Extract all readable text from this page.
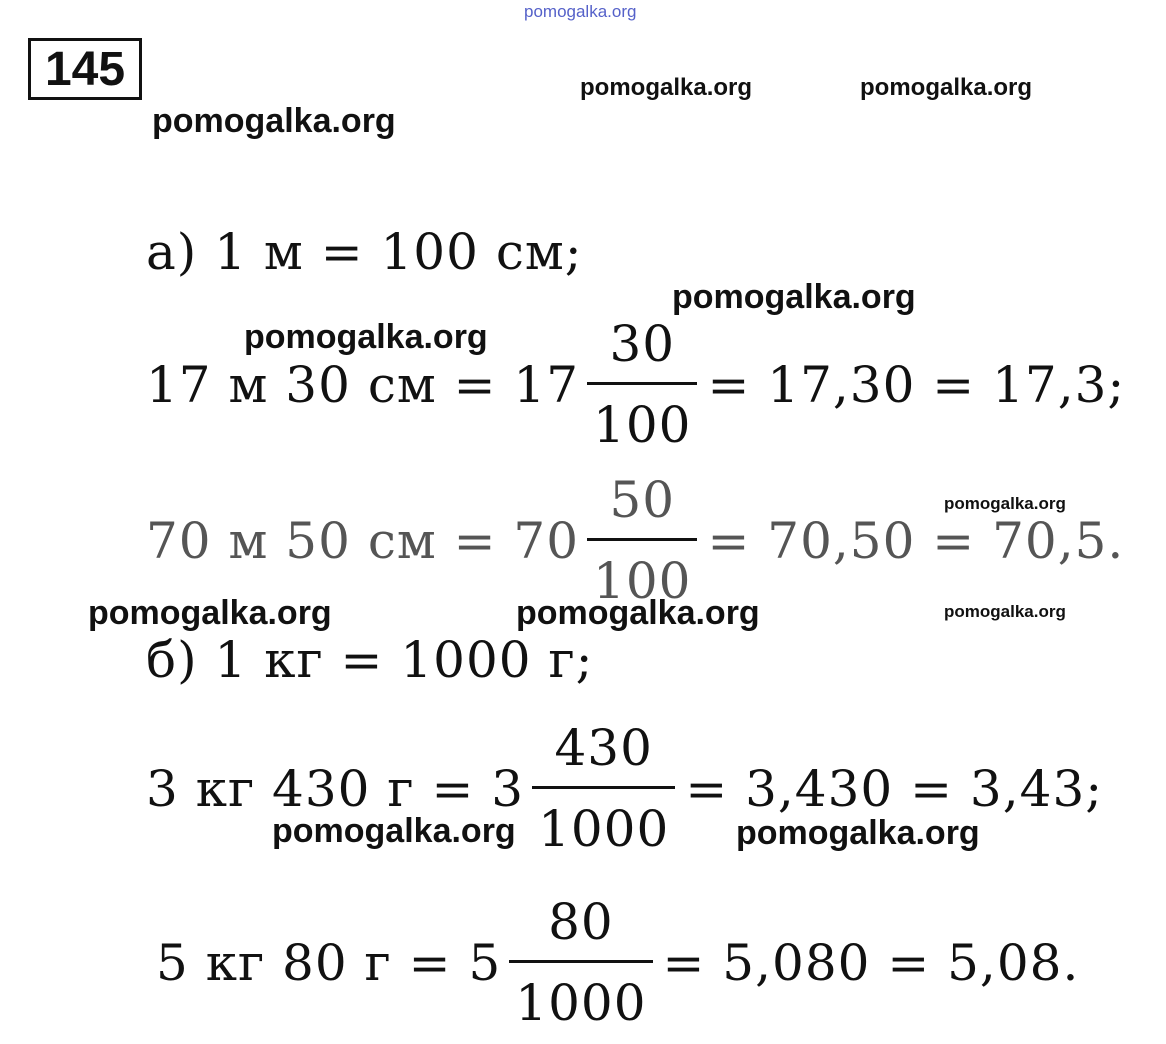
pomogalka.org
pomogalka.org	pomogalka.org
pomogalka.org
pomogalka.org
pomogalka.org
pomogalka.org
pomogalka.org	pomogalka.org	pomogalka.org
pomogalka.org	pomogalka.org
145
а) 1 м = 100 см;
17 м 30 см = $17 \frac{30}{100} = 17,30 = 17,3$;
70 м 50 см = $70 \frac{50}{100} = 70,50 = 70,5$.
б) 1 кг = 1000 г;
3 кг 430 $г = 3 \frac{430}{1000} = 3,430 = 3,43$;
5 кг 80 $г = 5 \frac{80}{1000} = 5,080 = 5,08$.
